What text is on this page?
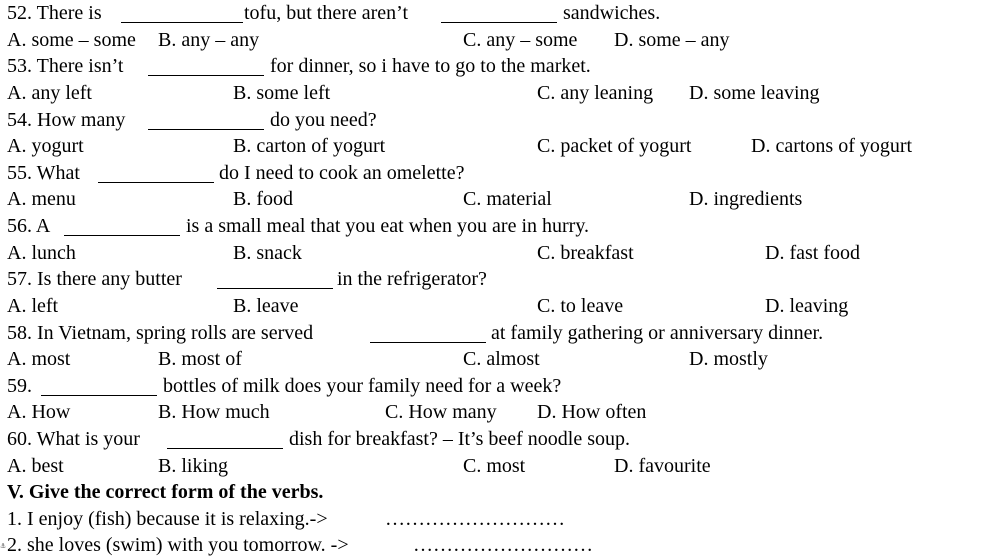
52. There is	tofu, but there aren’t	sandwiches.
A. some – some B. any – any	C. any – some D. some – any
53. There isn’t	for dinner, so i have to go to the market.
A. any left	B. some left	C. any leaning D. some leaving
54. How many	do you need?
A. yogurt	B. carton of yogurt	C. packet of yogurt	D. cartons of yogurt
55. What	do I need to cook an omelette?
A. menu	B. food	C. material	D. ingredients
56. A	is a small meal that you eat when you are in hurry.
A. lunch	B. snack	C. breakfast	D. fast food
57. Is there any butter	in the refrigerator?
A. left	B. leave	C. to leave	D. leaving
58. In Vietnam, spring rolls are served	at family gathering or anniversary dinner.
A. most	B. most of	C. almost	D. mostly
59.	bottles of milk does your family need for a week?
A. How	B. How much	C. How many D. How often
60. What is your	dish for breakfast? – It’s beef noodle soup.
A. best	B. liking	C. most	D. favourite
V. Give the correct form of the verbs.
1. I enjoy (fish) because it is relaxing.->	………………………
2. she loves (swim) with you tomorrow. ->	………………………
⚓
